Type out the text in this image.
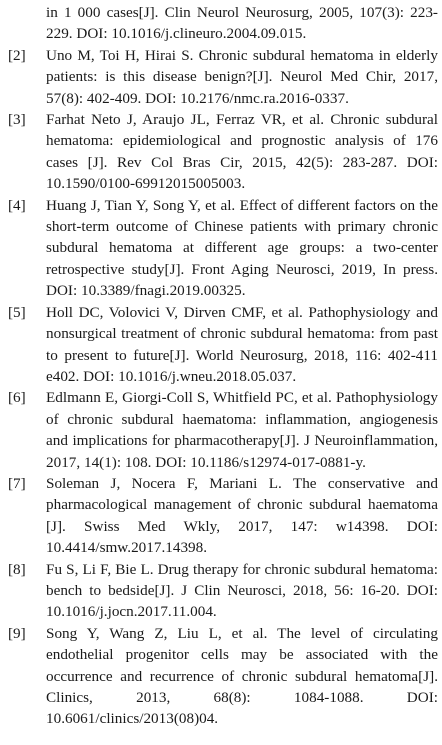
in 1 000 cases[J]. Clin Neurol Neurosurg, 2005, 107(3): 223-229. DOI: 10.1016/j.clineuro.2004.09.015.
[2]	Uno M, Toi H, Hirai S. Chronic subdural hematoma in elderly patients: is this disease benign?[J]. Neurol Med Chir, 2017, 57(8): 402-409. DOI: 10.2176/nmc.ra.2016-0337.
[3]	Farhat Neto J, Araujo JL, Ferraz VR, et al. Chronic subdural hematoma: epidemiological and prognostic analysis of 176 cases [J]. Rev Col Bras Cir, 2015, 42(5): 283-287. DOI: 10.1590/0100-69912015005003.
[4]	Huang J, Tian Y, Song Y, et al. Effect of different factors on the short-term outcome of Chinese patients with primary chronic subdural hematoma at different age groups: a two-center retrospective study[J]. Front Aging Neurosci, 2019, In press. DOI: 10.3389/fnagi.2019.00325.
[5]	Holl DC, Volovici V, Dirven CMF, et al. Pathophysiology and nonsurgical treatment of chronic subdural hematoma: from past to present to future[J]. World Neurosurg, 2018, 116: 402-411 e402. DOI: 10.1016/j.wneu.2018.05.037.
[6]	Edlmann E, Giorgi-Coll S, Whitfield PC, et al. Pathophysiology of chronic subdural haematoma: inflammation, angiogenesis and implications for pharmacotherapy[J]. J Neuroinflammation, 2017, 14(1): 108. DOI: 10.1186/s12974-017-0881-y.
[7]	Soleman J, Nocera F, Mariani L. The conservative and pharmacological management of chronic subdural haematoma [J]. Swiss Med Wkly, 2017, 147: w14398. DOI: 10.4414/smw.2017.14398.
[8]	Fu S, Li F, Bie L. Drug therapy for chronic subdural hematoma: bench to bedside[J]. J Clin Neurosci, 2018, 56: 16-20. DOI: 10.1016/j.jocn.2017.11.004.
[9]	Song Y, Wang Z, Liu L, et al. The level of circulating endothelial progenitor cells may be associated with the occurrence and recurrence of chronic subdural hematoma[J]. Clinics, 2013, 68(8): 1084-1088. DOI: 10.6061/clinics/2013(08)04.
